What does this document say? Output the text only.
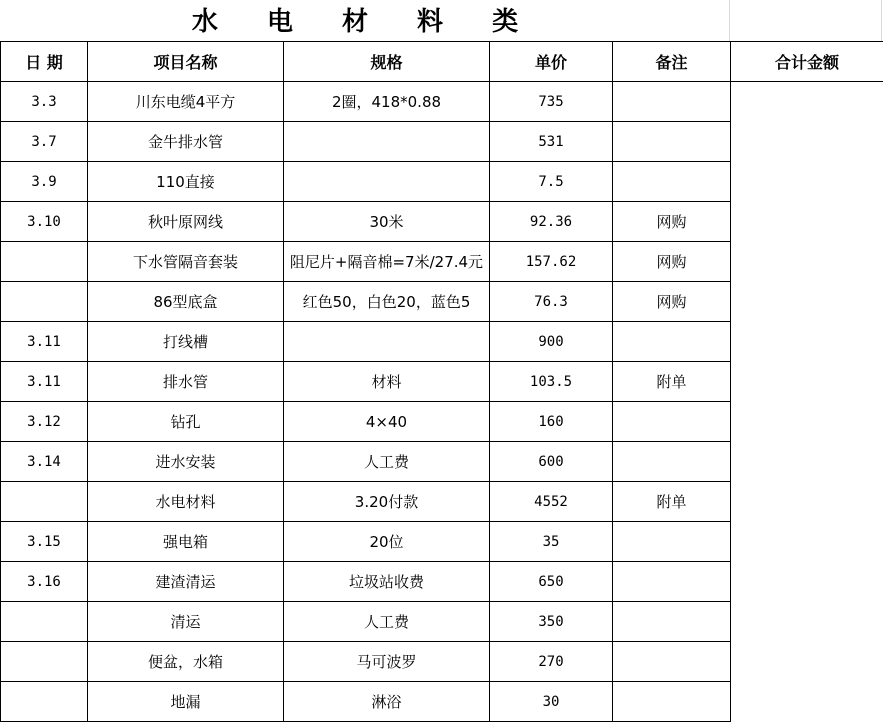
水 电 材 料 类
日 期	项目名称	规格	单价	备注	合计金额
3.3	川东电缆4平方	2圈，418*0.88	735		
3.7	金牛排水管		531		
3.9	110直接		7.5		
3.10	秋叶原网线	30米	92.36	网购	
	下水管隔音套装	阻尼片+隔音棉=7米/27.4元	157.62	网购	
	86型底盒	红色50，白色20，蓝色5	76.3	网购	
3.11	打线槽		900		
3.11	排水管	材料	103.5	附单	
3.12	钻孔	4×40	160		
3.14	进水安装	人工费	600		
	水电材料	3.20付款	4552	附单	
3.15	强电箱	20位	35		
3.16	建渣清运	垃圾站收费	650		
	清运	人工费	350		
	便盆，水箱	马可波罗	270		
	地漏	淋浴	30		
